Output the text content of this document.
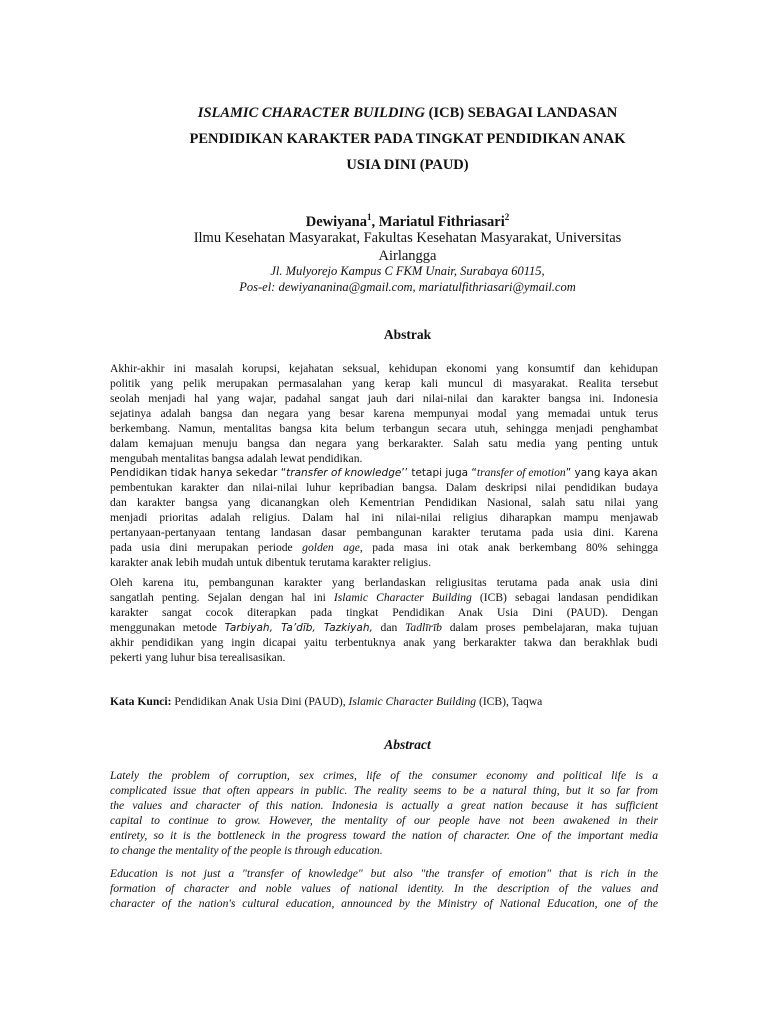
ISLAMIC CHARACTER BUILDING (ICB) SEBAGAI LANDASAN
PENDIDIKAN KARAKTER PADA TINGKAT PENDIDIKAN ANAK
USIA DINI (PAUD)
Dewiyana$^1$, Mariatul Fithriasari$^2$
Ilmu Kesehatan Masyarakat, Fakultas Kesehatan Masyarakat, Universitas
Airlangga
Jl. Mulyorejo Kampus C FKM Unair, Surabaya 60115,
Pos-el: dewiyananina@gmail.com, mariatulfithriasari@ymail.com
Abstrak
Akhir-akhir ini masalah korupsi, kejahatan seksual, kehidupan ekonomi yang konsumtif dan kehidupan
politik yang pelik merupakan permasalahan yang kerap kali muncul di masyarakat. Realita tersebut
seolah menjadi hal yang wajar, padahal sangat jauh dari nilai-nilai dan karakter bangsa ini. Indonesia
sejatinya adalah bangsa dan negara yang besar karena mempunyai modal yang memadai untuk terus
berkembang. Namun, mentalitas bangsa kita belum terbangun secara utuh, sehingga menjadi penghambat
dalam kemajuan menuju bangsa dan negara yang berkarakter. Salah satu media yang penting untuk
mengubah mentalitas bangsa adalah lewat pendidikan.
Pendidikan tidak hanya sekedar “transfer of knowledge’’ tetapi juga “transfer of emotion” yang kaya akan
pembentukan karakter dan nilai-nilai luhur kepribadian bangsa. Dalam deskripsi nilai pendidikan budaya
dan karakter bangsa yang dicanangkan oleh Kementrian Pendidikan Nasional, salah satu nilai yang
menjadi prioritas adalah religius. Dalam hal ini nilai-nilai religius diharapkan mampu menjawab
pertanyaan-pertanyaan tentang landasan dasar pembangunan karakter terutama pada usia dini. Karena
pada usia dini merupakan periode golden age, pada masa ini otak anak berkembang 80% sehingga
karakter anak lebih mudah untuk dibentuk terutama karakter religius.
Oleh karena itu, pembangunan karakter yang berlandaskan religiusitas terutama pada anak usia dini
sangatlah penting. Sejalan dengan hal ini Islamic Character Building (ICB) sebagai landasan pendidikan
karakter sangat cocok diterapkan pada tingkat Pendidikan Anak Usia Dini (PAUD). Dengan
menggunakan metode Tarbiyah, Ta’dīb, Tazkiyah, dan Tadlīrīb dalam proses pembelajaran, maka tujuan
akhir pendidikan yang ingin dicapai yaitu terbentuknya anak yang berkarakter takwa dan berakhlak budi
pekerti yang luhur bisa terealisasikan.
Kata Kunci: Pendidikan Anak Usia Dini (PAUD), Islamic Character Building (ICB), Taqwa
Abstract
Lately the problem of corruption, sex crimes, life of the consumer economy and political life is a
complicated issue that often appears in public. The reality seems to be a natural thing, but it so far from
the values and character of this nation. Indonesia is actually a great nation because it has sufficient
capital to continue to grow. However, the mentality of our people have not been awakened in their
entirety, so it is the bottleneck in the progress toward the nation of character. One of the important media
to change the mentality of the people is through education.
Education is not just a "transfer of knowledge" but also "the transfer of emotion" that is rich in the
formation of character and noble values of national identity. In the description of the values and
character of the nation's cultural education, announced by the Ministry of National Education, one of the
